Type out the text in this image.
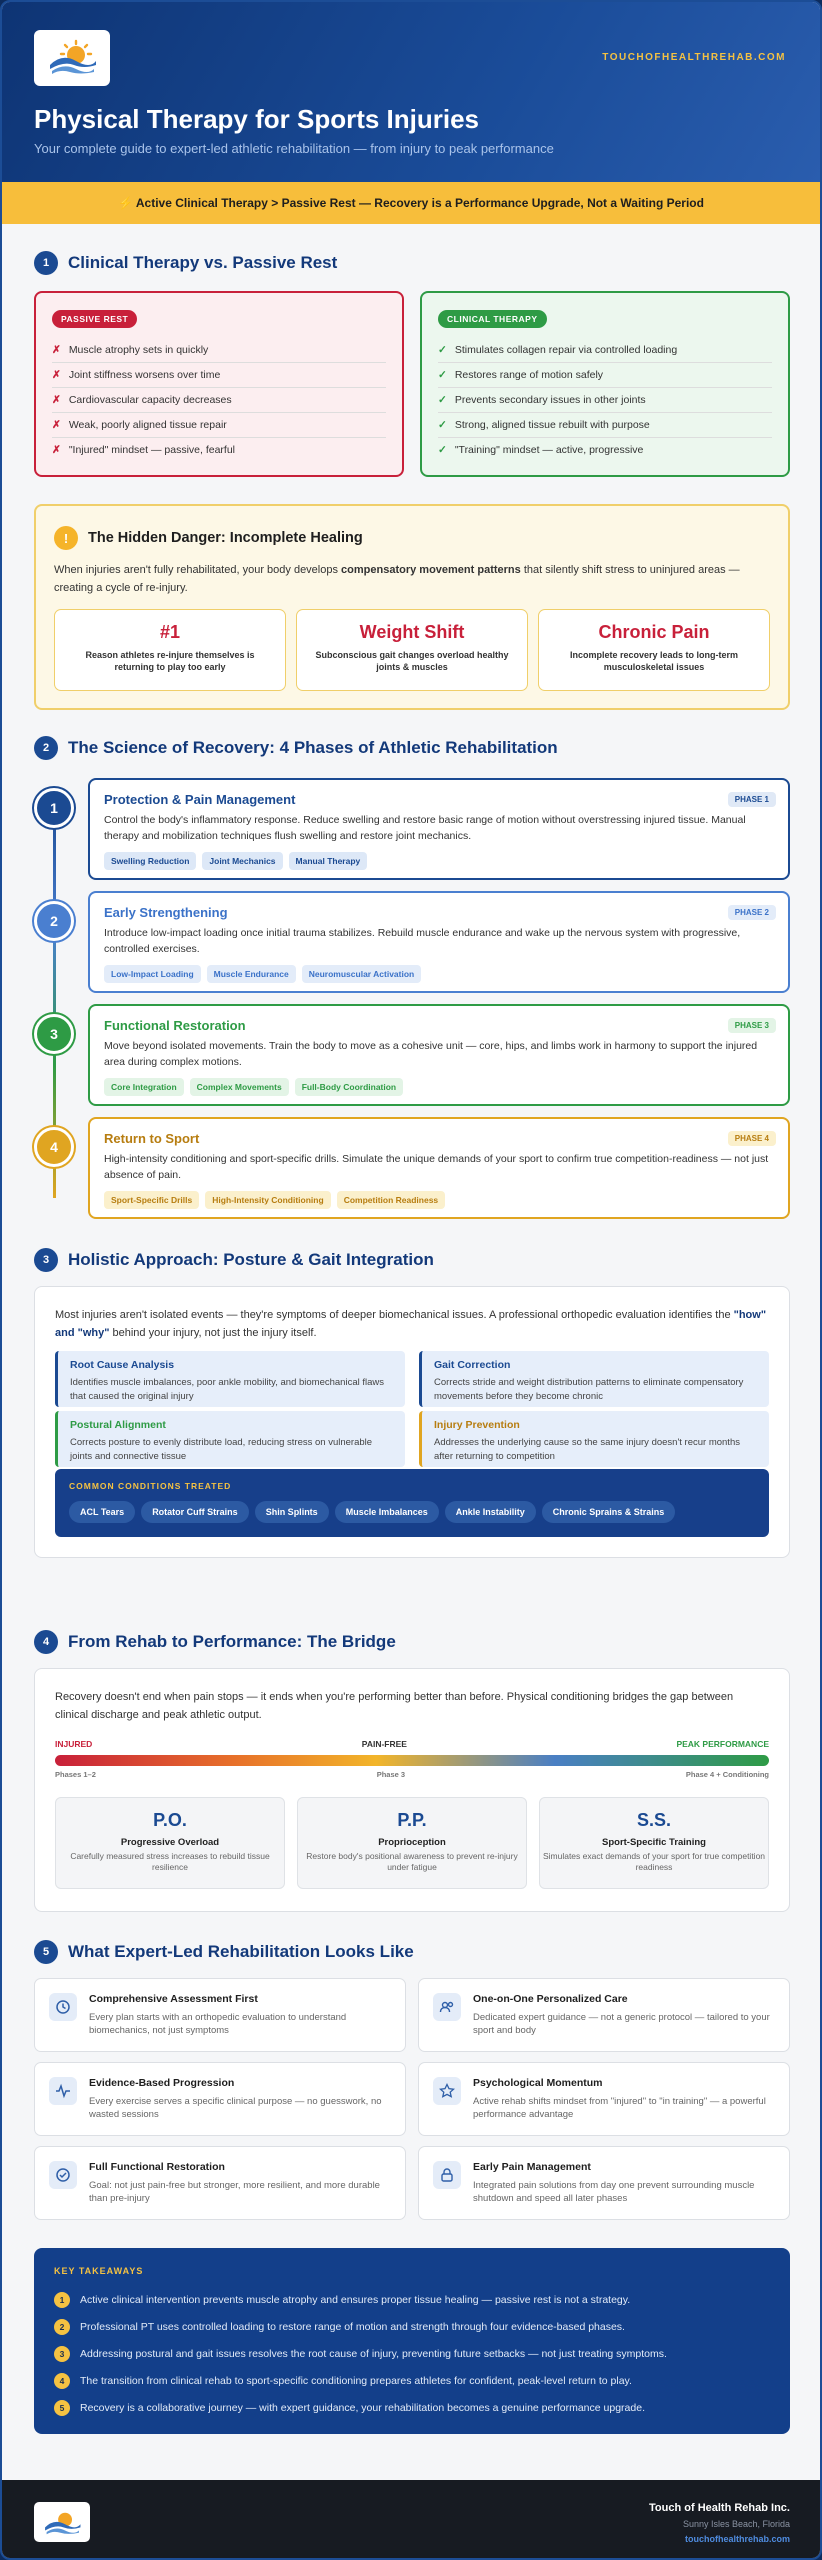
TOUCHOFHEALTHREHAB.COM
Physical Therapy for Sports Injuries
Your complete guide to expert-led athletic rehabilitation — from injury to peak performance
⚡ Active Clinical Therapy > Passive Rest — Recovery is a Performance Upgrade, Not a Waiting Period
1	Clinical Therapy vs. Passive Rest
PASSIVE REST
✗ Muscle atrophy sets in quickly
✗ Joint stiffness worsens over time
✗ Cardiovascular capacity decreases
✗ Weak, poorly aligned tissue repair
✗ "Injured" mindset — passive, fearful
CLINICAL THERAPY
✓ Stimulates collagen repair via controlled loading
✓ Restores range of motion safely
✓ Prevents secondary issues in other joints
✓ Strong, aligned tissue rebuilt with purpose
✓ "Training" mindset — active, progressive
!	The Hidden Danger: Incomplete Healing

When injuries aren't fully rehabilitated, your body develops compensatory movement patterns that silently shift stress to uninjured areas — creating a cycle of re-injury.

#1
Reason athletes re-injure themselves is returning to play too early
Weight Shift
Subconscious gait changes overload healthy joints & muscles
Chronic Pain
Incomplete recovery leads to long-term musculoskeletal issues
2	The Science of Recovery: 4 Phases of Athletic Rehabilitation
1
PHASE 1
Protection & Pain Management

Control the body's inflammatory response. Reduce swelling and restore basic range of motion without overstressing injured tissue. Manual therapy and mobilization techniques flush swelling and restore joint mechanics.

Swelling Reduction	Joint Mechanics	Manual Therapy
2
PHASE 2
Early Strengthening

Introduce low-impact loading once initial trauma stabilizes. Rebuild muscle endurance and wake up the nervous system with progressive, controlled exercises.

Low-Impact Loading	Muscle Endurance	Neuromuscular Activation
3
PHASE 3
Functional Restoration

Move beyond isolated movements. Train the body to move as a cohesive unit — core, hips, and limbs work in harmony to support the injured area during complex motions.

Core Integration	Complex Movements	Full-Body Coordination
4
PHASE 4
Return to Sport

High-intensity conditioning and sport-specific drills. Simulate the unique demands of your sport to confirm true competition-readiness — not just absence of pain.

Sport-Specific Drills	High-Intensity Conditioning	Competition Readiness
3	Holistic Approach: Posture & Gait Integration

Most injuries aren't isolated events — they're symptoms of deeper biomechanical issues. A professional orthopedic evaluation identifies the "how" and "why" behind your injury, not just the injury itself.

Root Cause Analysis

Identifies muscle imbalances, poor ankle mobility, and biomechanical flaws that caused the original injury

Gait Correction

Corrects stride and weight distribution patterns to eliminate compensatory movements before they become chronic

Postural Alignment

Corrects posture to evenly distribute load, reducing stress on vulnerable joints and connective tissue

Injury Prevention

Addresses the underlying cause so the same injury doesn't recur months after returning to competition

COMMON CONDITIONS TREATED
ACL Tears	Rotator Cuff Strains	Shin Splints	Muscle Imbalances	Ankle Instability	Chronic Sprains & Strains
4	From Rehab to Performance: The Bridge

Recovery doesn't end when pain stops — it ends when you're performing better than before. Physical conditioning bridges the gap between clinical discharge and peak athletic output.

INJURED	PAIN-FREE	PEAK PERFORMANCE
Phases 1–2	Phase 3	Phase 4 + Conditioning
P.O.
Progressive Overload
Carefully measured stress increases to rebuild tissue resilience
P.P.
Proprioception
Restore body's positional awareness to prevent re-injury under fatigue
S.S.
Sport-Specific Training
Simulates exact demands of your sport for true competition readiness
5	What Expert-Led Rehabilitation Looks Like
Comprehensive Assessment First

Every plan starts with an orthopedic evaluation to understand biomechanics, not just symptoms

One-on-One Personalized Care

Dedicated expert guidance — not a generic protocol — tailored to your sport and body

Evidence-Based Progression

Every exercise serves a specific clinical purpose — no guesswork, no wasted sessions

Psychological Momentum

Active rehab shifts mindset from "injured" to "in training" — a powerful performance advantage

Full Functional Restoration

Goal: not just pain-free but stronger, more resilient, and more durable than pre-injury

Early Pain Management

Integrated pain solutions from day one prevent surrounding muscle shutdown and speed all later phases

KEY TAKEAWAYS
1	Active clinical intervention prevents muscle atrophy and ensures proper tissue healing — passive rest is not a strategy.
2	Professional PT uses controlled loading to restore range of motion and strength through four evidence-based phases.
3	Addressing postural and gait issues resolves the root cause of injury, preventing future setbacks — not just treating symptoms.
4	The transition from clinical rehab to sport-specific conditioning prepares athletes for confident, peak-level return to play.
5	Recovery is a collaborative journey — with expert guidance, your rehabilitation becomes a genuine performance upgrade.
Touch of Health Rehab Inc.
Sunny Isles Beach, Florida
touchofhealthrehab.com
